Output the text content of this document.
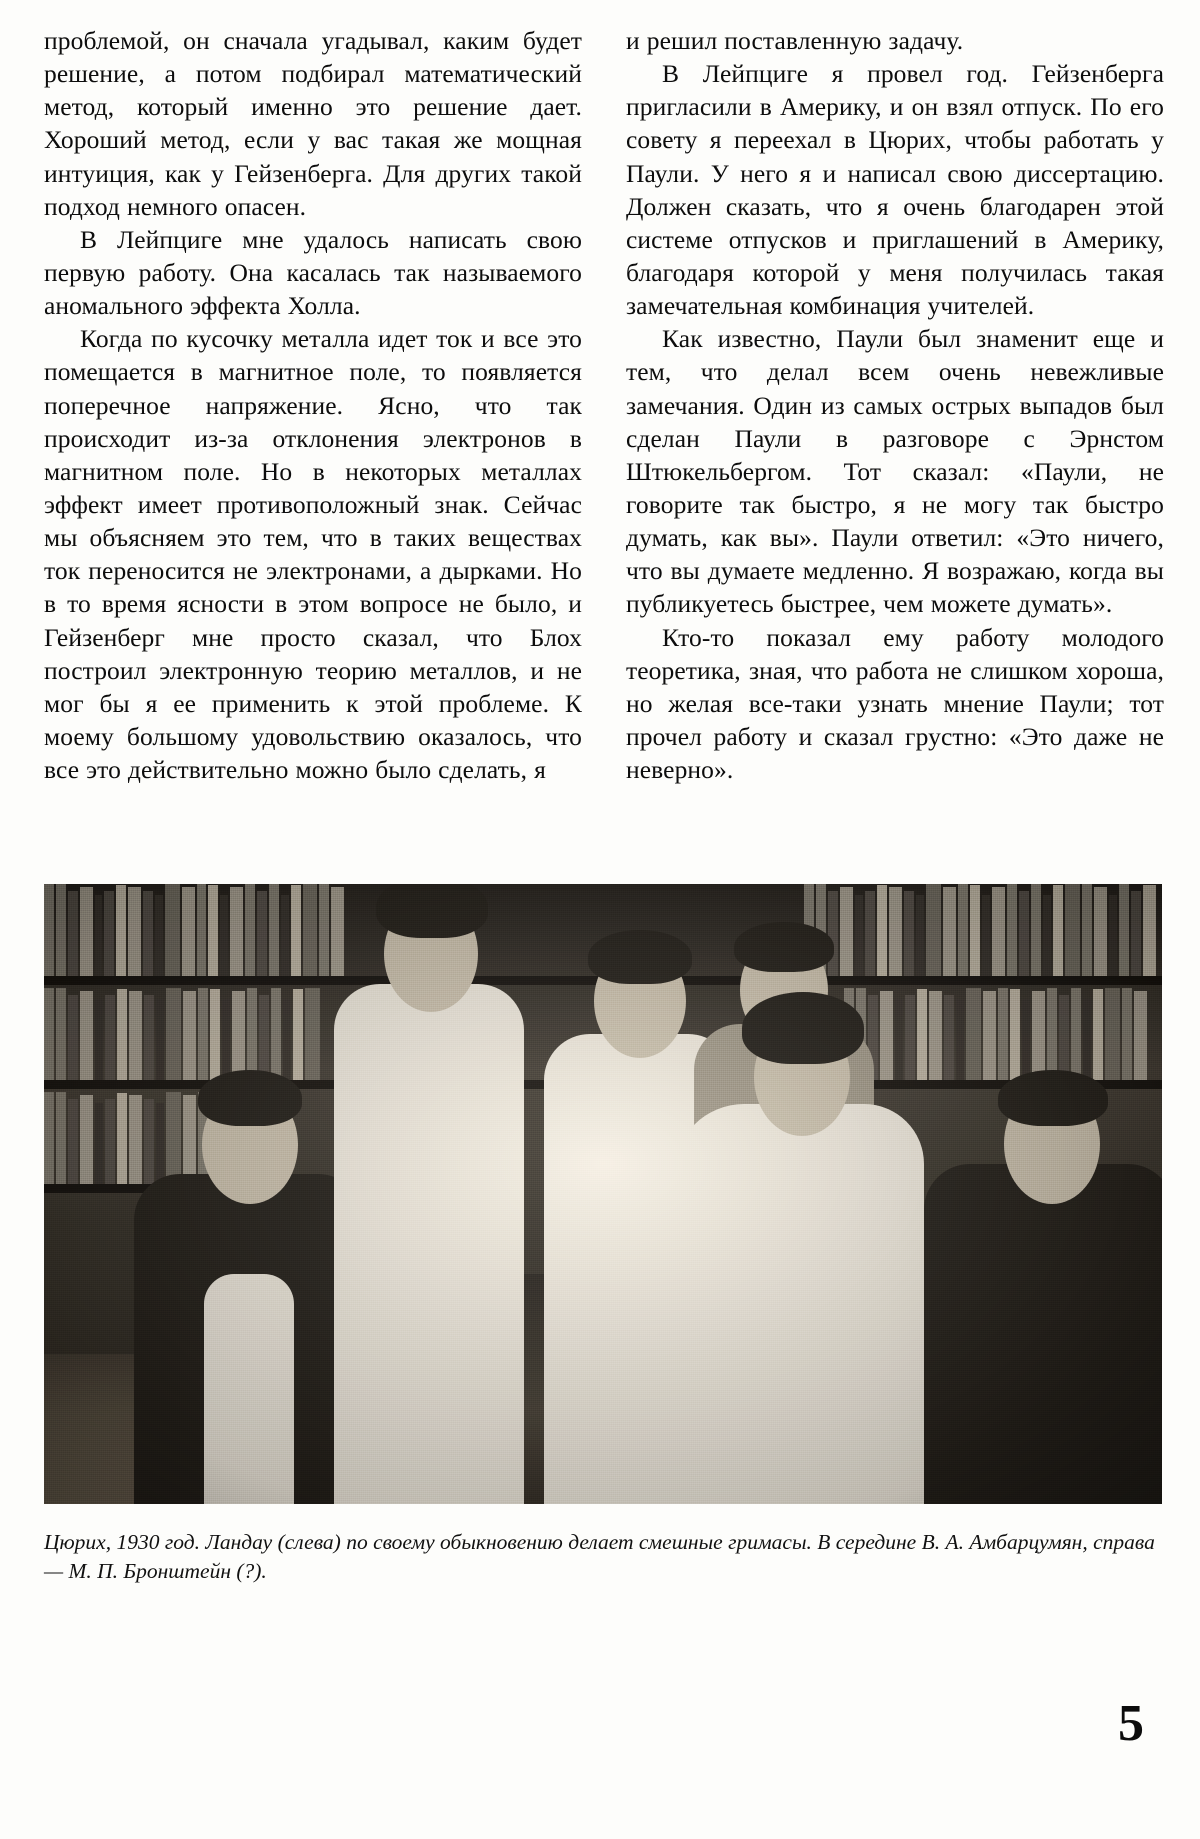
проблемой, он сначала угадывал, каким будет решение, а потом подбирал математический метод, который именно это решение дает. Хороший метод, если у вас такая же мощная интуиция, как у Гейзенберга. Для других такой подход немного опасен.

В Лейпциге мне удалось написать свою первую работу. Она касалась так называемого аномального эффекта Холла.

Когда по кусочку металла идет ток и все это помещается в магнитное поле, то появляется поперечное напряжение. Ясно, что так происходит из-за отклонения электронов в магнитном поле. Но в некоторых металлах эффект имеет противоположный знак. Сейчас мы объясняем это тем, что в таких веществах ток переносится не электронами, а дырками. Но в то время ясности в этом вопросе не было, и Гейзенберг мне просто сказал, что Блох построил электронную теорию металлов, и не мог бы я ее применить к этой проблеме. К моему большому удовольствию оказалось, что все это действительно можно было сделать, я

и решил поставленную задачу.

В Лейпциге я провел год. Гейзенберга пригласили в Америку, и он взял отпуск. По его совету я переехал в Цюрих, чтобы работать у Паули. У него я и написал свою диссертацию. Должен сказать, что я очень благодарен этой системе отпусков и приглашений в Америку, благодаря которой у меня получилась такая замечательная комбинация учителей.

Как известно, Паули был знаменит еще и тем, что делал всем очень невежливые замечания. Один из самых острых выпадов был сделан Паули в разговоре с Эрнстом Штюкельбергом. Тот сказал: «Паули, не говорите так быстро, я не могу так быстро думать, как вы». Паули ответил: «Это ничего, что вы думаете медленно. Я возражаю, когда вы публикуетесь быстрее, чем можете думать».

Кто-то показал ему работу молодого теоретика, зная, что работа не слишком хороша, но желая все-таки узнать мнение Паули; тот прочел работу и сказал грустно: «Это даже не неверно».

Цюрих, 1930 год. Ландау (слева) по своему обыкновению делает смешные гримасы. В середине В. А. Амбарцумян, справа — М. П. Бронштейн (?).
5
